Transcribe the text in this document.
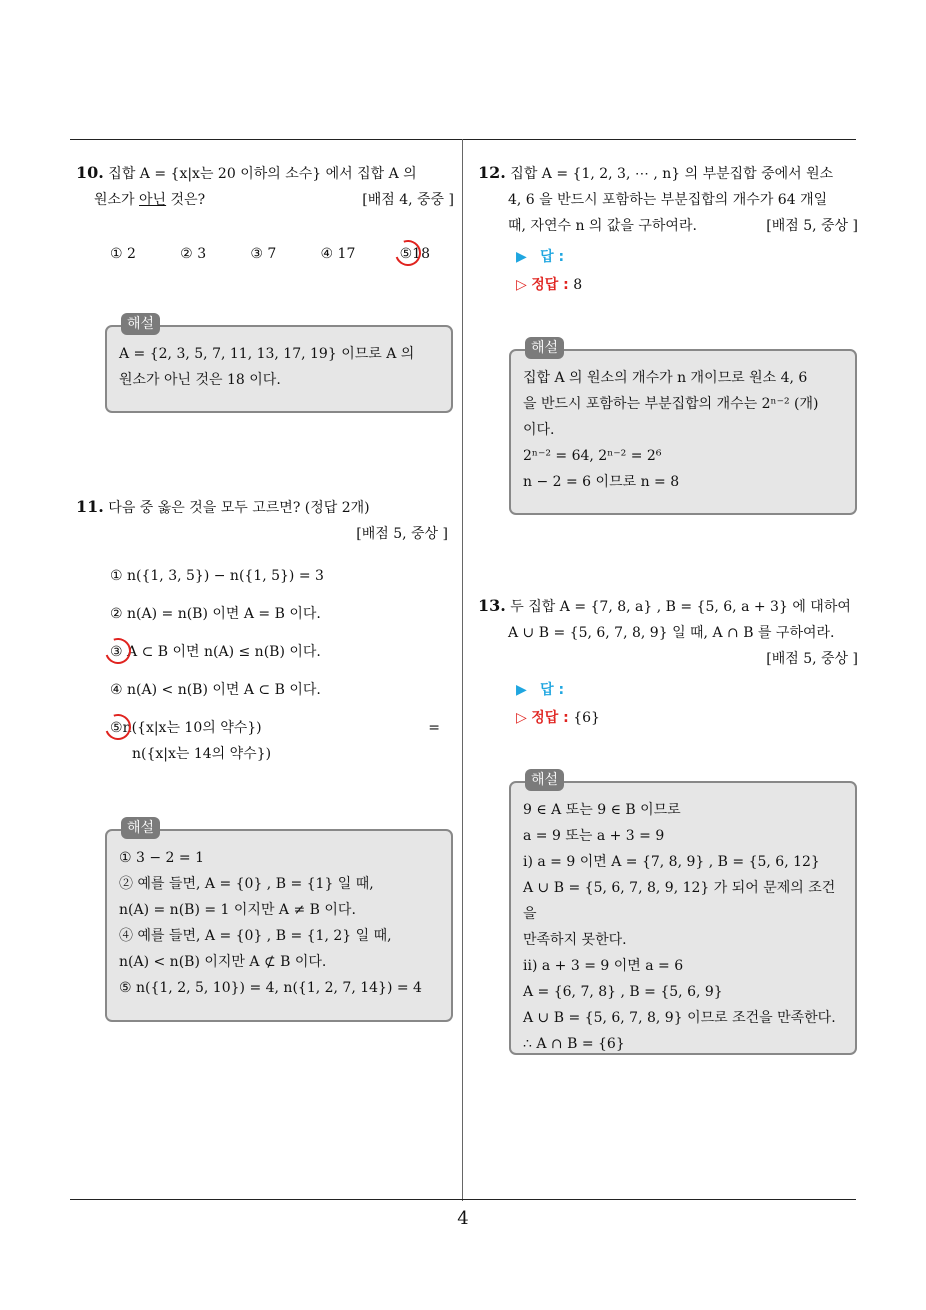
10. 집합 A = {x|x는 20 이하의 소수} 에서 집합 A 의
원소가 아닌 것은?	[배점 4, 중중 ]
① 2	② 3	③ 7	④ 17	⑤18
해설
A = {2, 3, 5, 7, 11, 13, 17, 19} 이므로 A 의
원소가 아닌 것은 18 이다.
11. 다음 중 옳은 것을 모두 고르면? (정답 2개)
[배점 5, 중상 ]
① n({1, 3, 5}) − n({1, 5}) = 3
② n(A) = n(B) 이면 A = B 이다.
③ A ⊂ B 이면 n(A) ≤ n(B) 이다.
④ n(A) < n(B) 이면 A ⊂ B 이다.
⑤n({x|x는 10의 약수})	=
n({x|x는 14의 약수})
해설
① 3 − 2 = 1
② 예를 들면, A = {0} , B = {1} 일 때,
n(A) = n(B) = 1 이지만 A ≠ B 이다.
④ 예를 들면, A = {0} , B = {1, 2} 일 때,
n(A) < n(B) 이지만 A ⊄ B 이다.
⑤ n({1, 2, 5, 10}) = 4, n({1, 2, 7, 14}) = 4
12. 집합 A = {1, 2, 3, ⋯ , n} 의 부분집합 중에서 원소
4, 6 을 반드시 포함하는 부분집합의 개수가 64 개일
때, 자연수 n 의 값을 구하여라.	[배점 5, 중상 ]
▶ 답 :
▷ 정답 : 8
해설
집합 A 의 원소의 개수가 n 개이므로 원소 4, 6
을 반드시 포함하는 부분집합의 개수는 2ⁿ⁻² (개)
이다.
2ⁿ⁻² = 64, 2ⁿ⁻² = 2⁶
n − 2 = 6 이므로 n = 8
13. 두 집합 A = {7, 8, a} , B = {5, 6, a + 3} 에 대하여
A ∪ B = {5, 6, 7, 8, 9} 일 때, A ∩ B 를 구하여라.
[배점 5, 중상 ]
▶ 답 :
▷ 정답 : {6}
해설
9 ∈ A 또는 9 ∈ B 이므로
a = 9 또는 a + 3 = 9
i) a = 9 이면 A = {7, 8, 9} , B = {5, 6, 12}
A ∪ B = {5, 6, 7, 8, 9, 12} 가 되어 문제의 조건을
만족하지 못한다.
ii) a + 3 = 9 이면 a = 6
A = {6, 7, 8} , B = {5, 6, 9}
A ∪ B = {5, 6, 7, 8, 9} 이므로 조건을 만족한다.
∴ A ∩ B = {6}
4
